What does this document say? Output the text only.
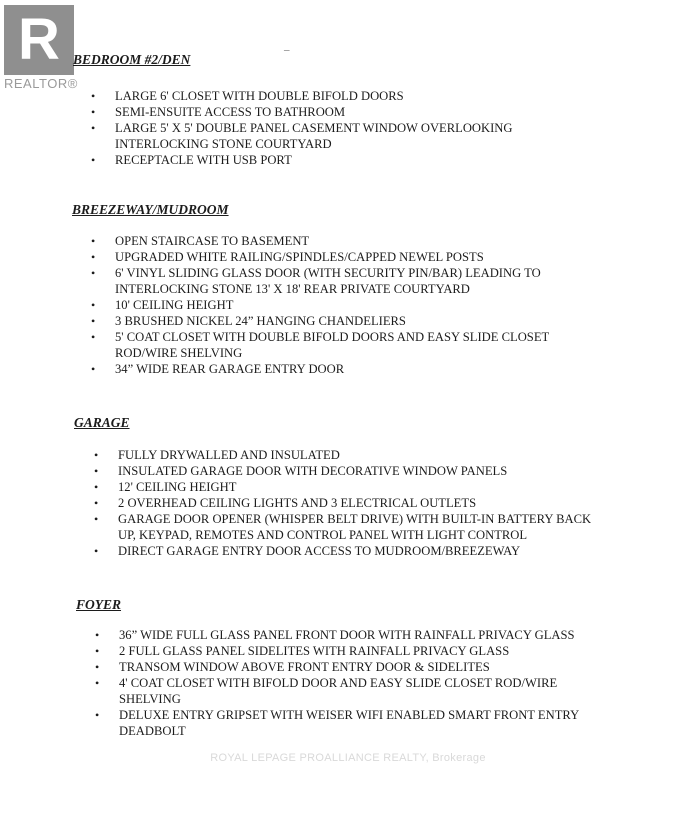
R
REALTOR®
–
BEDROOM #2/DEN
• LARGE 6' CLOSET WITH DOUBLE BIFOLD DOORS
• SEMI-ENSUITE ACCESS TO BATHROOM
• LARGE 5' X 5' DOUBLE PANEL CASEMENT WINDOW OVERLOOKING
INTERLOCKING STONE COURTYARD
• RECEPTACLE WITH USB PORT
BREEZEWAY/MUDROOM
• OPEN STAIRCASE TO BASEMENT
• UPGRADED WHITE RAILING/SPINDLES/CAPPED NEWEL POSTS
• 6' VINYL SLIDING GLASS DOOR (WITH SECURITY PIN/BAR) LEADING TO
INTERLOCKING STONE 13' X 18' REAR PRIVATE COURTYARD
• 10' CEILING HEIGHT
• 3 BRUSHED NICKEL 24” HANGING CHANDELIERS
• 5' COAT CLOSET WITH DOUBLE BIFOLD DOORS AND EASY SLIDE CLOSET
ROD/WIRE SHELVING
• 34” WIDE REAR GARAGE ENTRY DOOR
GARAGE
• FULLY DRYWALLED AND INSULATED
• INSULATED GARAGE DOOR WITH DECORATIVE WINDOW PANELS
• 12' CEILING HEIGHT
• 2 OVERHEAD CEILING LIGHTS AND 3 ELECTRICAL OUTLETS
• GARAGE DOOR OPENER (WHISPER BELT DRIVE) WITH BUILT-IN BATTERY BACK
UP, KEYPAD, REMOTES AND CONTROL PANEL WITH LIGHT CONTROL
• DIRECT GARAGE ENTRY DOOR ACCESS TO MUDROOM/BREEZEWAY
FOYER
• 36” WIDE FULL GLASS PANEL FRONT DOOR WITH RAINFALL PRIVACY GLASS
• 2 FULL GLASS PANEL SIDELITES WITH RAINFALL PRIVACY GLASS
• TRANSOM WINDOW ABOVE FRONT ENTRY DOOR & SIDELITES
• 4' COAT CLOSET WITH BIFOLD DOOR AND EASY SLIDE CLOSET ROD/WIRE
SHELVING
• DELUXE ENTRY GRIPSET WITH WEISER WIFI ENABLED SMART FRONT ENTRY
DEADBOLT
ROYAL LEPAGE PROALLIANCE REALTY, Brokerage
